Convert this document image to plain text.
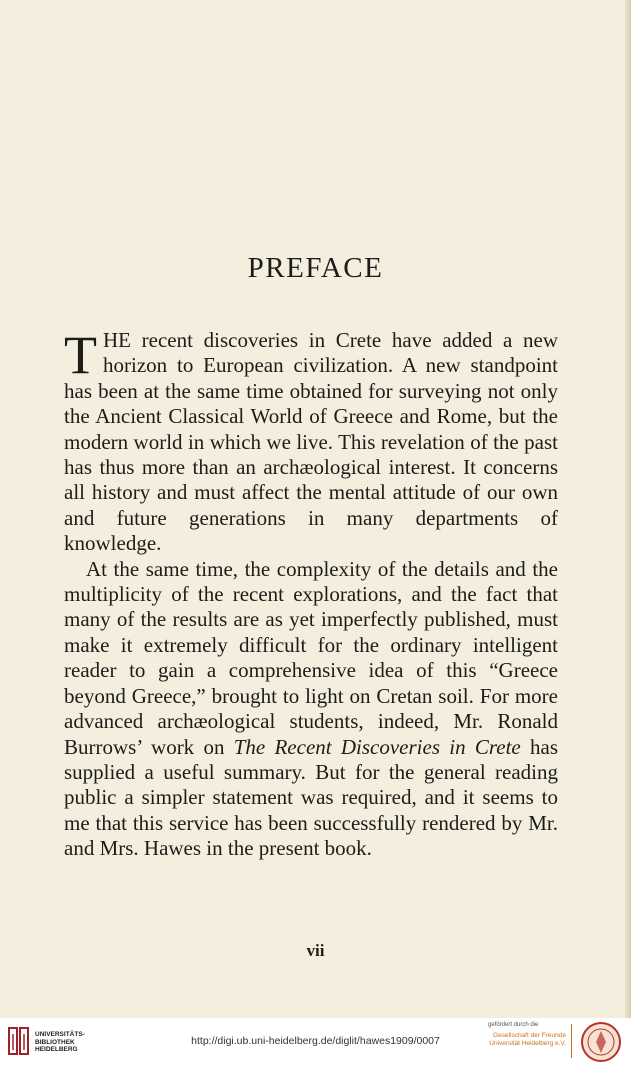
PREFACE

THE recent discoveries in Crete have added a new horizon to European civilization. A new standpoint has been at the same time obtained for surveying not only the Ancient Classical World of Greece and Rome, but the modern world in which we live. This revelation of the past has thus more than an archæological interest. It concerns all history and must affect the mental attitude of our own and future generations in many departments of knowledge.

At the same time, the complexity of the details and the multiplicity of the recent explorations, and the fact that many of the results are as yet imperfectly published, must make it extremely difficult for the ordinary intelligent reader to gain a comprehensive idea of this “Greece beyond Greece,” brought to light on Cretan soil. For more advanced archæological students, indeed, Mr. Ronald Burrows’ work on The Recent Discoveries in Crete has supplied a useful summary. But for the general reading public a simpler statement was required, and it seems to me that this service has been successfully rendered by Mr. and Mrs. Hawes in the present book.

vii
UNIVERSITÄTS-
BIBLIOTHEK
HEIDELBERG
http://digi.ub.uni-heidelberg.de/diglit/hawes1909/0007
gefördert durch die
Gesellschaft der Freunde
Universität Heidelberg e.V.
